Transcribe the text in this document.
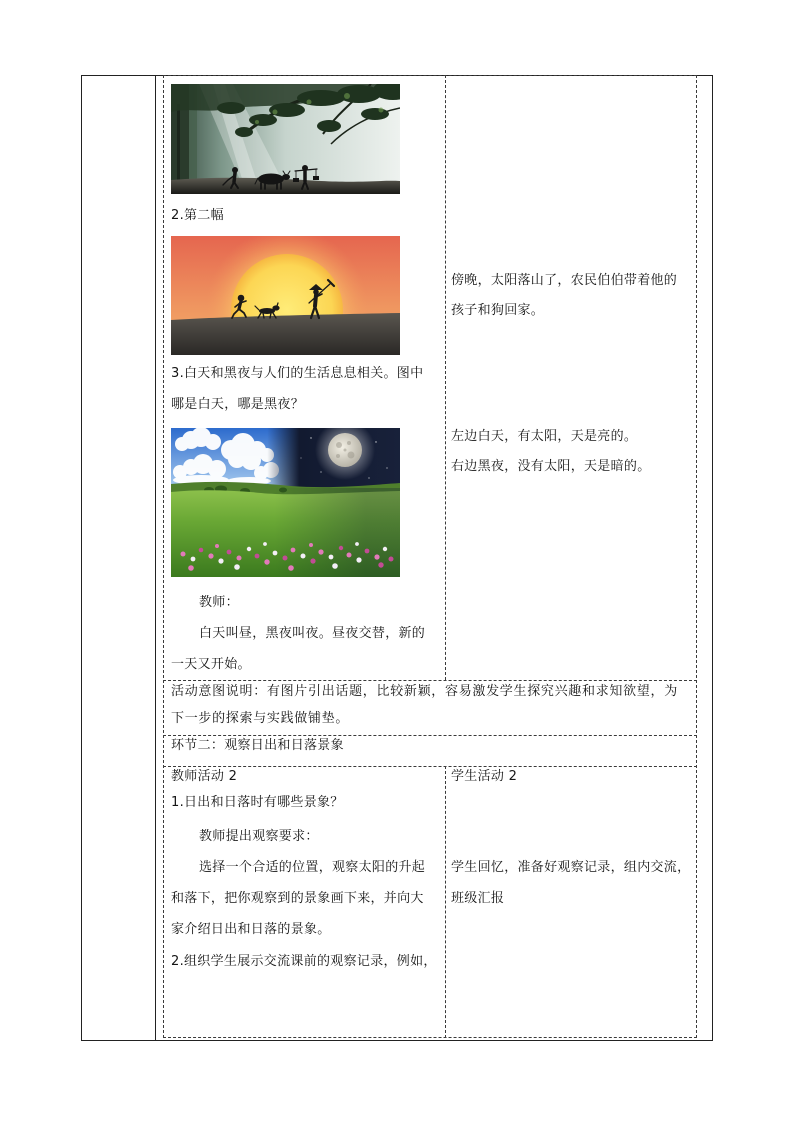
2.第二幅
3.白天和黑夜与人们的生活息息相关。图中
哪是白天，哪是黑夜？
教师：
白天叫昼，黑夜叫夜。昼夜交替，新的
一天又开始。
傍晚，太阳落山了，农民伯伯带着他的
孩子和狗回家。
左边白天，有太阳，天是亮的。
右边黑夜，没有太阳，天是暗的。
活动意图说明：有图片引出话题，比较新颖，容易激发学生探究兴趣和求知欲望，为
下一步的探索与实践做铺垫。
环节二：观察日出和日落景象
教师活动 2
1.日出和日落时有哪些景象？
教师提出观察要求：
选择一个合适的位置，观察太阳的升起
和落下，把你观察到的景象画下来，并向大
家介绍日出和日落的景象。
2.组织学生展示交流课前的观察记录，例如，
学生活动 2
学生回忆，准备好观察记录，组内交流，
班级汇报
